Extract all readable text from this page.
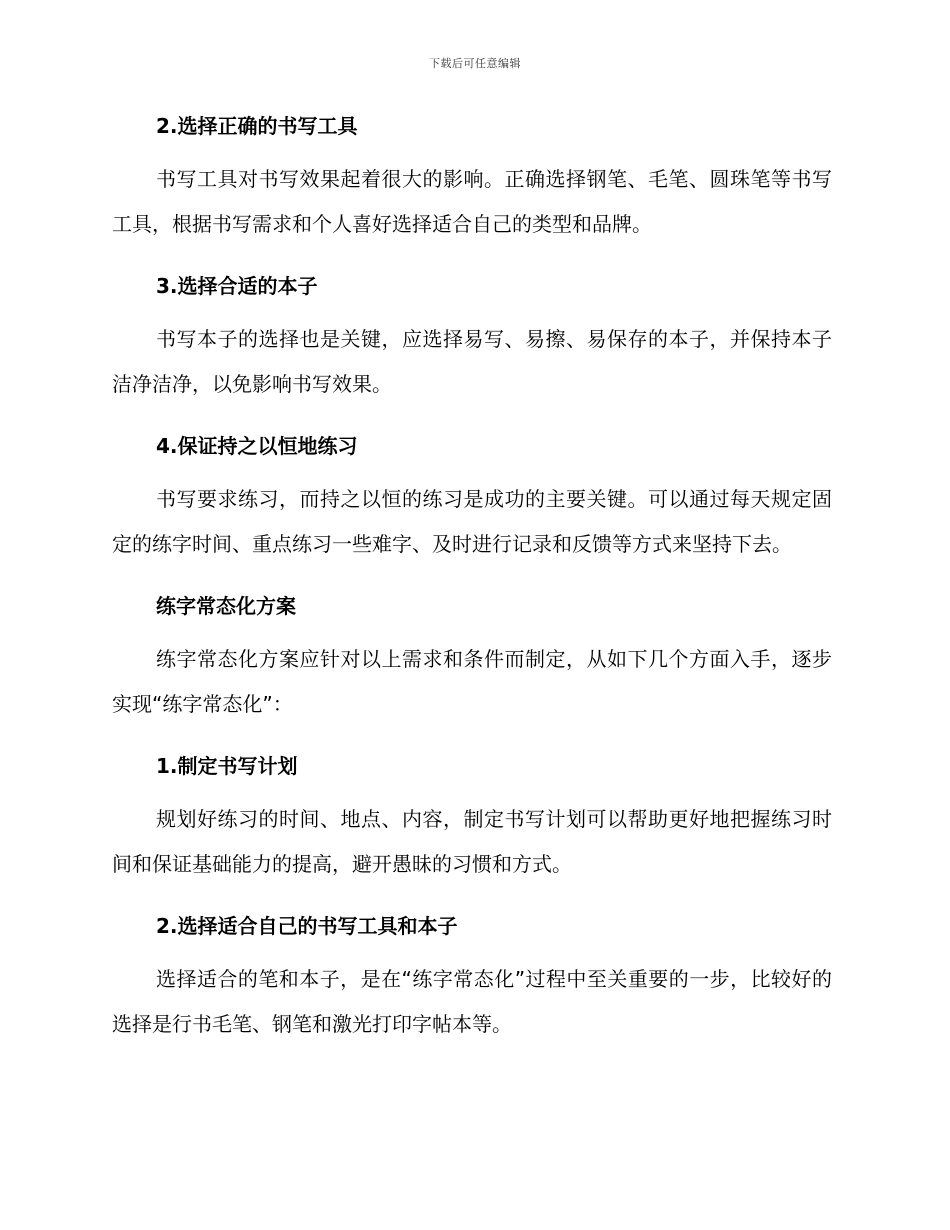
下载后可任意编辑
2.选择正确的书写工具
书写工具对书写效果起着很大的影响。正确选择钢笔、毛笔、圆珠笔等书写工具，根据书写需求和个人喜好选择适合自己的类型和品牌。
3.选择合适的本子
书写本子的选择也是关键，应选择易写、易擦、易保存的本子，并保持本子洁净洁净，以免影响书写效果。
4.保证持之以恒地练习
书写要求练习，而持之以恒的练习是成功的主要关键。可以通过每天规定固定的练字时间、重点练习一些难字、及时进行记录和反馈等方式来坚持下去。
练字常态化方案
练字常态化方案应针对以上需求和条件而制定，从如下几个方面入手，逐步实现“练字常态化”：
1.制定书写计划
规划好练习的时间、地点、内容，制定书写计划可以帮助更好地把握练习时间和保证基础能力的提高，避开愚昧的习惯和方式。
2.选择适合自己的书写工具和本子
选择适合的笔和本子，是在“练字常态化”过程中至关重要的一步，比较好的选择是行书毛笔、钢笔和激光打印字帖本等。
